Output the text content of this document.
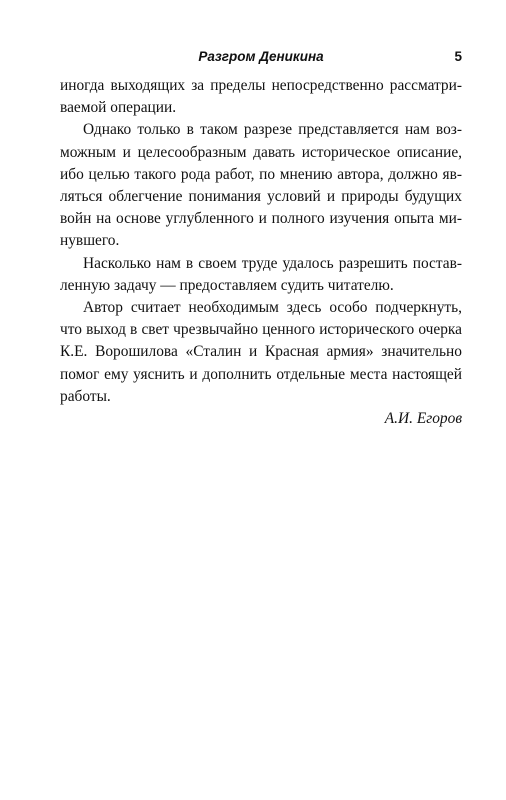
Разгром Деникина	5

иногда выходящих за пределы непосредственно рассматри-ваемой операции.

Однако только в таком разрезе представляется нам воз-можным и целесообразным давать историческое описание, ибо целью такого рода работ, по мнению автора, должно яв-ляться облегчение понимания условий и природы будущих войн на основе углубленного и полного изучения опыта ми-нувшего.

Насколько нам в своем труде удалось разрешить постав-ленную задачу — предоставляем судить читателю.

Автор считает необходимым здесь особо подчеркнуть, что выход в свет чрезвычайно ценного исторического очерка К.Е. Ворошилова «Сталин и Красная армия» значительно помог ему уяснить и дополнить отдельные места настоящей работы.

А.И. Егоров
